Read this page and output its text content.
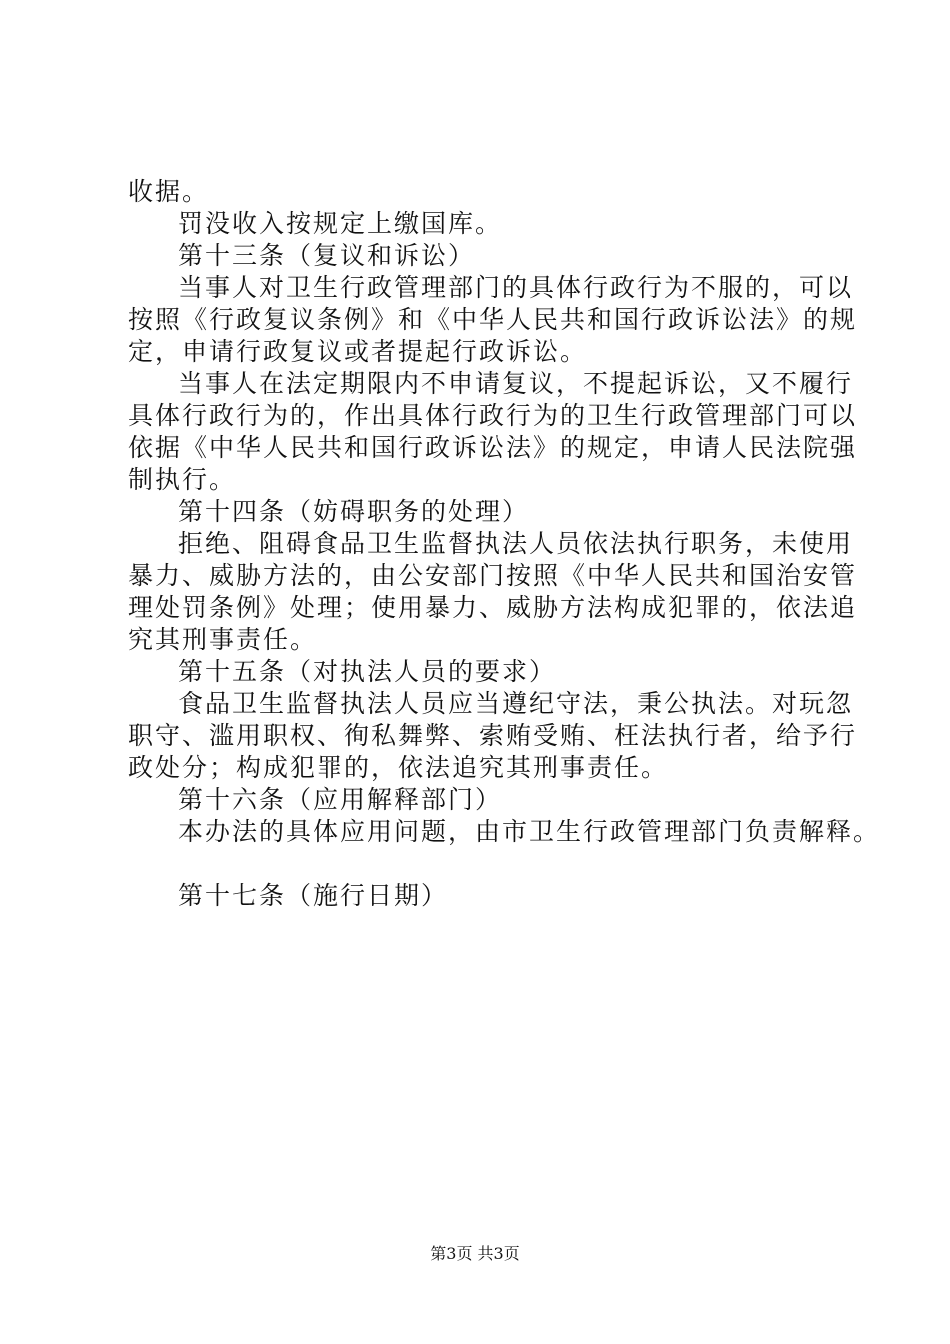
收据。

罚没收入按规定上缴国库。

第十三条（复议和诉讼）

当事人对卫生行政管理部门的具体行政行为不服的，可以

按照《行政复议条例》和《中华人民共和国行政诉讼法》的规

定，申请行政复议或者提起行政诉讼。

当事人在法定期限内不申请复议，不提起诉讼，又不履行

具体行政行为的，作出具体行政行为的卫生行政管理部门可以

依据《中华人民共和国行政诉讼法》的规定，申请人民法院强

制执行。

第十四条（妨碍职务的处理）

拒绝、阻碍食品卫生监督执法人员依法执行职务，未使用

暴力、威胁方法的，由公安部门按照《中华人民共和国治安管

理处罚条例》处理；使用暴力、威胁方法构成犯罪的，依法追

究其刑事责任。

第十五条（对执法人员的要求）

食品卫生监督执法人员应当遵纪守法，秉公执法。对玩忽

职守、滥用职权、徇私舞弊、索贿受贿、枉法执行者，给予行

政处分；构成犯罪的，依法追究其刑事责任。

第十六条（应用解释部门）

本办法的具体应用问题，由市卫生行政管理部门负责解释。

第十七条（施行日期）

第3页 共3页
